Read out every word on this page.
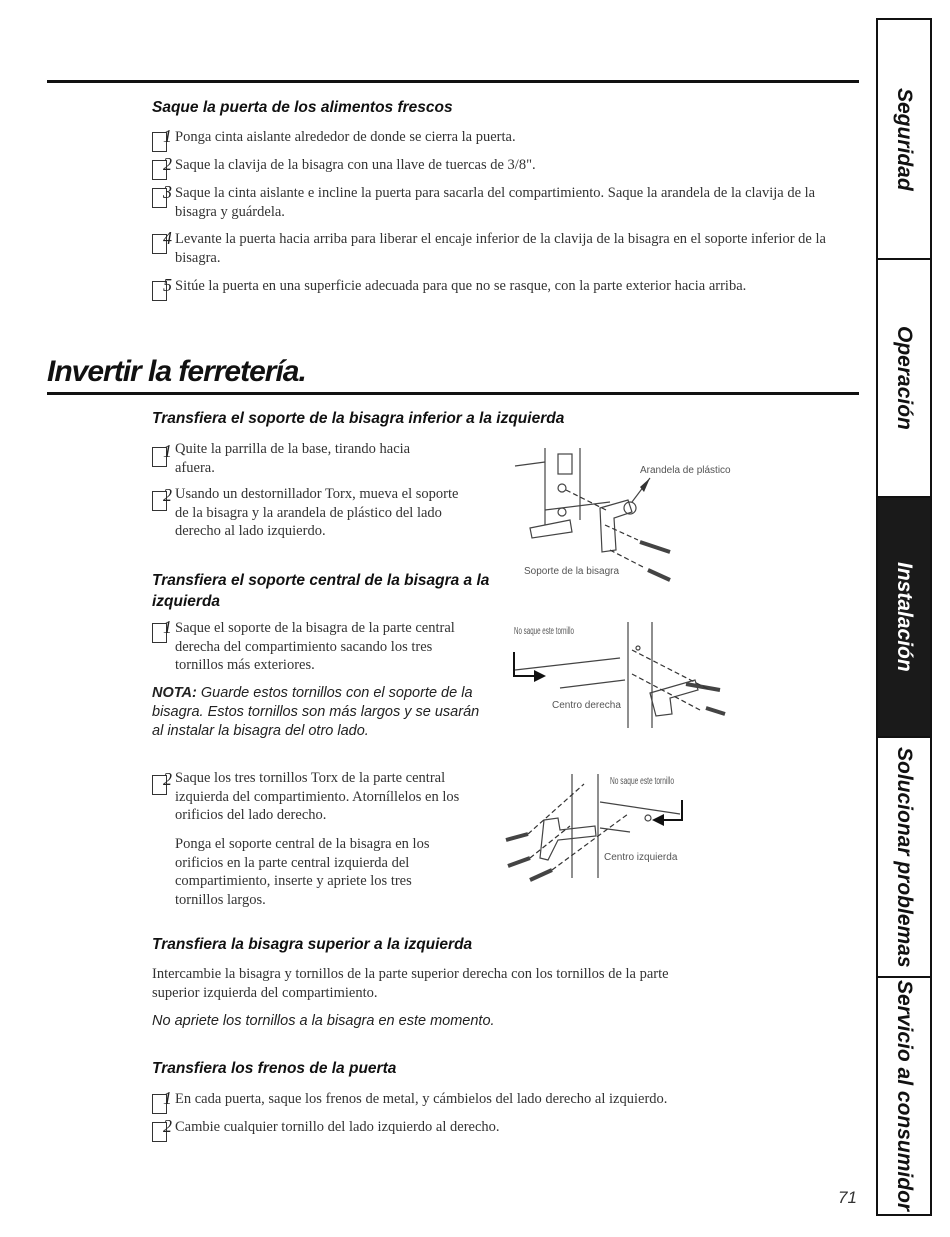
Saque la puerta de los alimentos frescos
1 Ponga cinta aislante alrededor de donde se cierra la puerta.
2 Saque la clavija de la bisagra con una llave de tuercas de 3/8".
3 Saque la cinta aislante e incline la puerta para sacarla del compartimiento. Saque la arandela de la clavija de la bisagra y guárdela.
4 Levante la puerta hacia arriba para liberar el encaje inferior de la clavija de la bisagra en el soporte inferior de la bisagra.
5 Sitúe la puerta en una superficie adecuada para que no se rasque, con la parte exterior hacia arriba.
Invertir la ferretería.
Transfiera el soporte de la bisagra inferior a la izquierda
1 Quite la parrilla de la base, tirando hacia afuera.
2 Usando un destornillador Torx, mueva el soporte de la bisagra y la arandela de plástico del lado derecho al lado izquierdo.
Arandela de plástico
Soporte de la bisagra
Transfiera el soporte central de la bisagra a la izquierda
1 Saque el soporte de la bisagra de la parte central derecha del compartimiento sacando los tres tornillos más exteriores.
NOTA: Guarde estos tornillos con el soporte de la bisagra. Estos tornillos son más largos y se usarán al instalar la bisagra del otro lado.
No saque este tornillo
Centro derecha
2 Saque los tres tornillos Torx de la parte central izquierda del compartimiento. Atorníllelos en los orificios del lado derecho.
Ponga el soporte central de la bisagra en los orificios en la parte central izquierda del compartimiento, inserte y apriete los tres tornillos largos.
No saque este tornillo
Centro izquierda
Transfiera la bisagra superior a la izquierda
Intercambie la bisagra y tornillos de la parte superior derecha con los tornillos de la parte superior izquierda del compartimiento.
No apriete los tornillos a la bisagra en este momento.
Transfiera los frenos de la puerta
1 En cada puerta, saque los frenos de metal, y cámbielos del lado derecho al izquierdo.
2 Cambie cualquier tornillo del lado izquierdo al derecho.
71
Seguridad
Operación
Instalación
Solucionar problemas
Servicio al consumidor
